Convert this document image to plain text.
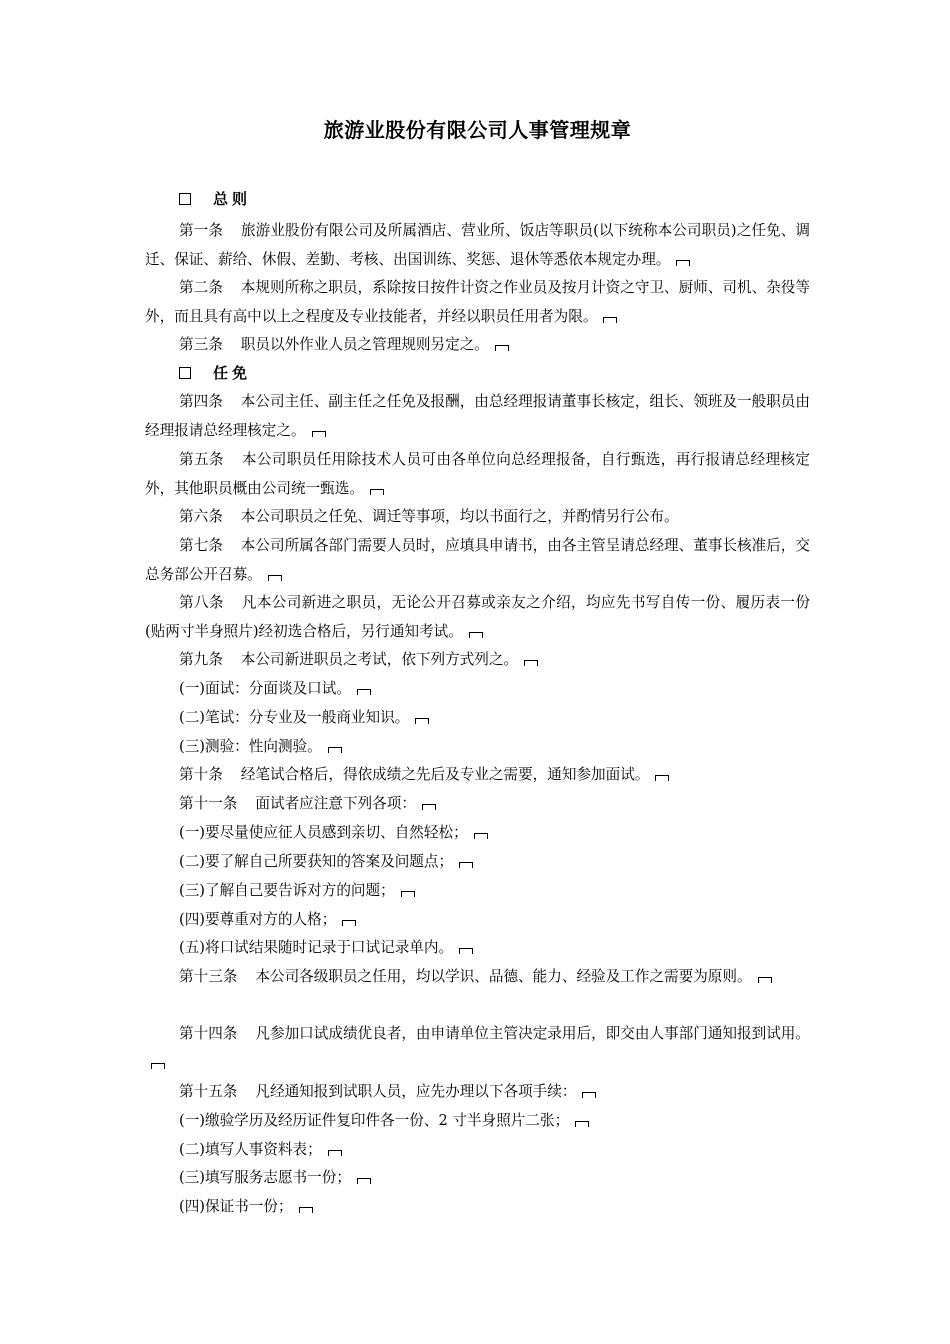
旅游业股份有限公司人事管理规章
总则
第一条 旅游业股份有限公司及所属酒店、营业所、饭店等职员(以下统称本公司职员)之任免、调迁、保证、薪给、休假、差勤、考核、出国训练、奖惩、退休等悉依本规定办理。
第二条 本规则所称之职员，系除按日按件计资之作业员及按月计资之守卫、厨师、司机、杂役等外，而且具有高中以上之程度及专业技能者，并经以职员任用者为限。
第三条 职员以外作业人员之管理规则另定之。
任免
第四条 本公司主任、副主任之任免及报酬，由总经理报请董事长核定，组长、领班及一般职员由经理报请总经理核定之。
第五条 本公司职员任用除技术人员可由各单位向总经理报备，自行甄选，再行报请总经理核定外，其他职员概由公司统一甄选。
第六条 本公司职员之任免、调迁等事项，均以书面行之，并酌情另行公布。
第七条 本公司所属各部门需要人员时，应填具申请书，由各主管呈请总经理、董事长核准后，交总务部公开召募。
第八条 凡本公司新进之职员，无论公开召募或亲友之介绍，均应先书写自传一份、履历表一份(贴两寸半身照片)经初选合格后，另行通知考试。
第九条 本公司新进职员之考试，依下列方式列之。
(一)面试：分面谈及口试。
(二)笔试：分专业及一般商业知识。
(三)测验：性向测验。
第十条 经笔试合格后，得依成绩之先后及专业之需要，通知参加面试。
第十一条 面试者应注意下列各项：
(一)要尽量使应征人员感到亲切、自然轻松；
(二)要了解自己所要获知的答案及问题点；
(三)了解自己要告诉对方的问题；
(四)要尊重对方的人格；
(五)将口试结果随时记录于口试记录单内。
第十三条 本公司各级职员之任用，均以学识、品德、能力、经验及工作之需要为原则。
第十四条 凡参加口试成绩优良者，由申请单位主管决定录用后，即交由人事部门通知报到试用。
第十五条 凡经通知报到试职人员，应先办理以下各项手续：
(一)缴验学历及经历证件复印件各一份、2 寸半身照片二张；
(二)填写人事资料表；
(三)填写服务志愿书一份；
(四)保证书一份；
